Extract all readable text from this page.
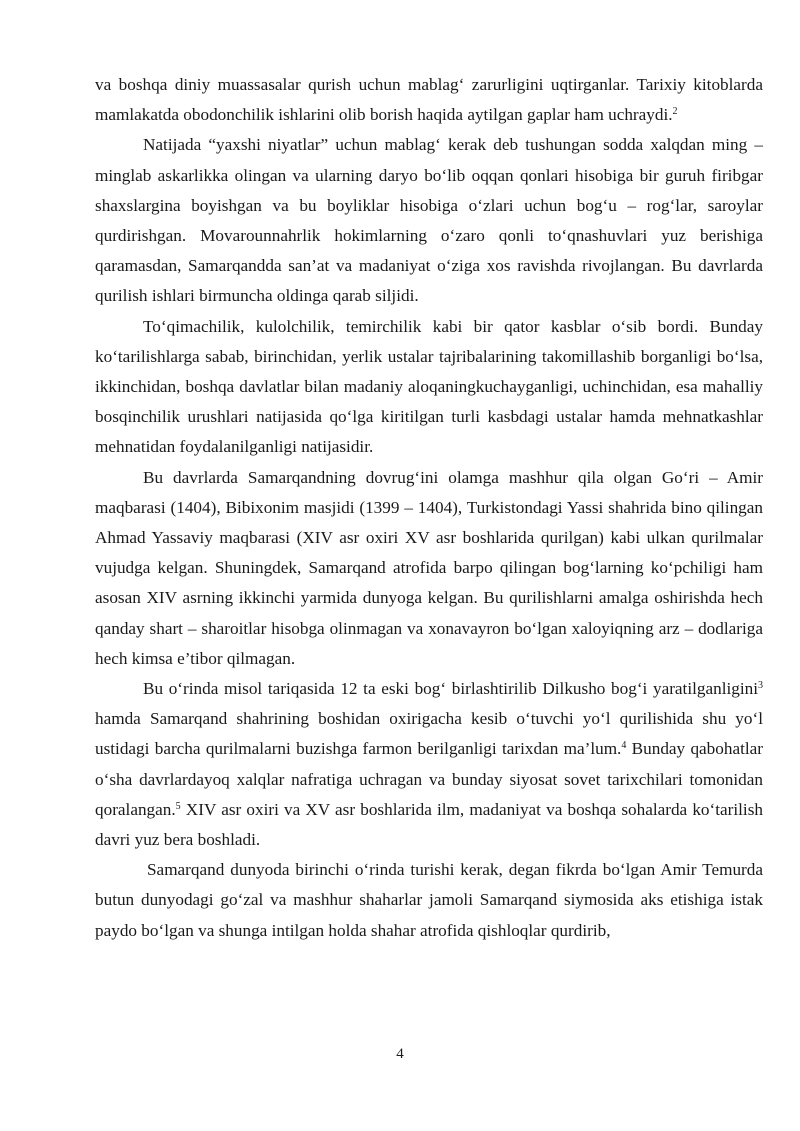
va boshqa diniy muassasalar qurish uchun mablag‘ zarurligini uqtirganlar. Tarixiy kitoblarda mamlakatda obodonchilik ishlarini olib borish haqida aytilgan gaplar ham uchraydi.$^2$

Natijada “yaxshi niyatlar” uchun mablag‘ kerak deb tushungan sodda xalqdan ming – minglab askarlikka olingan va ularning daryo bo‘lib oqqan qonlari hisobiga bir guruh firibgar shaxslargina boyishgan va bu boyliklar hisobiga o‘zlari uchun bog‘u – rog‘lar, saroylar qurdirishgan. Movarounnahrlik hokimlarning o‘zaro qonli to‘qnashuvlari yuz berishiga qaramasdan, Samarqandda san’at va madaniyat o‘ziga xos ravishda rivojlangan. Bu davrlarda qurilish ishlari birmuncha oldinga qarab siljidi.

To‘qimachilik, kulolchilik, temirchilik kabi bir qator kasblar o‘sib bordi. Bunday ko‘tarilishlarga sabab, birinchidan, yerlik ustalar tajribalarining takomillashib borganligi bo‘lsa, ikkinchidan, boshqa davlatlar bilan madaniy aloqaningkuchayganligi, uchinchidan, esa mahalliy bosqinchilik urushlari natijasida qo‘lga kiritilgan turli kasbdagi ustalar hamda mehnatkashlar mehnatidan foydalanilganligi natijasidir.

Bu davrlarda Samarqandning dovrug‘ini olamga mashhur qila olgan Go‘ri – Amir maqbarasi (1404), Bibixonim masjidi (1399 – 1404), Turkistondagi Yassi shahrida bino qilingan Ahmad Yassaviy maqbarasi (XIV asr oxiri XV asr boshlarida qurilgan) kabi ulkan qurilmalar vujudga kelgan. Shuningdek, Samarqand atrofida barpo qilingan bog‘larning ko‘pchiligi ham asosan XIV asrning ikkinchi yarmida dunyoga kelgan. Bu qurilishlarni amalga oshirishda hech qanday shart – sharoitlar hisobga olinmagan va xonavayron bo‘lgan xaloyiqning arz – dodlariga hech kimsa e’tibor qilmagan.

Bu o‘rinda misol tariqasida 12 ta eski bog‘ birlashtirilib Dilkusho bog‘i yaratilganligini$^3$ hamda Samarqand shahrining boshidan oxirigacha kesib o‘tuvchi yo‘l qurilishida shu yo‘l ustidagi barcha qurilmalarni buzishga farmon berilganligi tarixdan ma’lum.$^4$ Bunday qabohatlar o‘sha davrlardayoq xalqlar nafratiga uchragan va bunday siyosat sovet tarixchilari tomonidan qoralangan.$^5$ XIV asr oxiri va XV asr boshlarida ilm, madaniyat va boshqa sohalarda ko‘tarilish davri yuz bera boshladi.

Samarqand dunyoda birinchi o‘rinda turishi kerak, degan fikrda bo‘lgan Amir Temurda butun dunyodagi go‘zal va mashhur shaharlar jamoli Samarqand siymosida aks etishiga istak paydo bo‘lgan va shunga intilgan holda shahar atrofida qishloqlar qurdirib,

4
